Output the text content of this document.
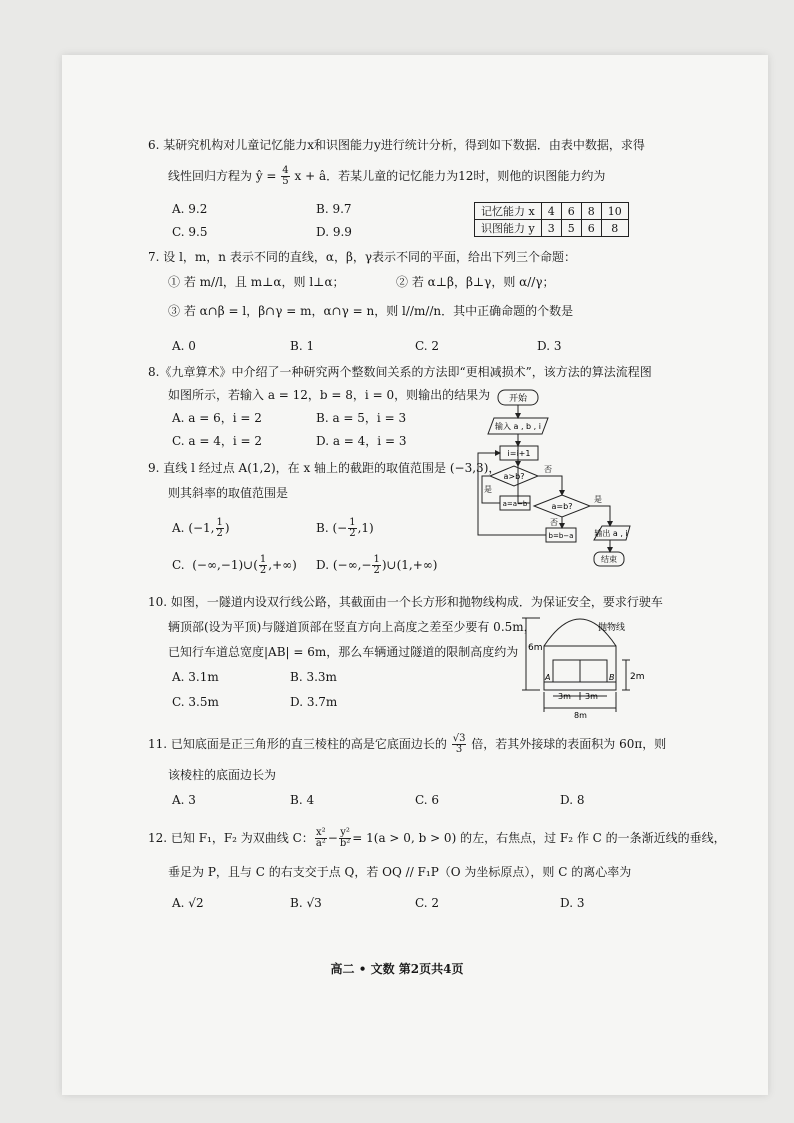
6. 某研究机构对儿童记忆能力x和识图能力y进行统计分析，得到如下数据．由表中数据，求得
线性回归方程为 ŷ = $\frac{4}{5}$ x + â．若某儿童的记忆能力为12时，则他的识图能力约为
A. 9.2	B. 9.7
C. 9.5	D. 9.9
记忆能力 x	4	6	8	10
识图能力 y	3	5	6	8
7. 设 l，m，n 表示不同的直线，α，β，γ表示不同的平面，给出下列三个命题：
① 若 m//l，且 m⊥α，则 l⊥α；	② 若 α⊥β，β⊥γ，则 α//γ；
③ 若 α∩β = l，β∩γ = m，α∩γ = n，则 l//m//n．其中正确命题的个数是
A. 0	B. 1	C. 2	D. 3
8.《九章算术》中介绍了一种研究两个整数间关系的方法即“更相减损术”，该方法的算法流程图
如图所示，若输入 a = 12，b = 8，i = 0，则输出的结果为
A. a = 6，i = 2	B. a = 5，i = 3
C. a = 4，i = 2	D. a = 4，i = 3
开始
输入 a , b , i
i=i+1
a>b?
否
是
a=a−b	a=b?
是
否
b=b−a	输出 a , i
结束
9. 直线 l 经过点 A(1,2)，在 x 轴上的截距的取值范围是 (−3,3)，
则其斜率的取值范围是
A. (−1, $\frac{1}{2}$ )	B. (− $\frac{1}{2} ,1$)
C. (−∞,−1)∪( $\frac{1}{2}$ ,+∞) D. (−∞,− $\frac{1}{2}$ )∪(1,+∞)
10. 如图，一隧道内设双行线公路，其截面由一个长方形和抛物线构成．为保证安全，要求行驶车
辆顶部(设为平顶)与隧道顶部在竖直方向上高度之差至少要有 0.5m，
已知行车道总宽度|AB| = 6m，那么车辆通过隧道的限制高度约为
A. 3.1m	B. 3.3m
C. 3.5m	D. 3.7m
抛物线
6m
2m
A	B
3m 3m
8m
11. 已知底面是正三角形的直三棱柱的高是它底面边长的 $\frac{√3}{3}$ 倍，若其外接球的表面积为 60π，则
该棱柱的底面边长为
A. 3	B. 4	C. 6	D. 8
12. 已知 F₁，F₂ 为双曲线 C： $\frac{\text{x²}}{\text{a²}} - \frac{\text{y²}}{\text{b²}} = 1(a > 0$, b > 0) 的左，右焦点，过 F₂ 作 C 的一条渐近线的垂线，
垂足为 P，且与 C 的右支交于点 Q，若 OQ // F₁P（O 为坐标原点），则 C 的离心率为
A. √2	B. √3	C. 2	D. 3
高二 • 文数 第2页共4页
